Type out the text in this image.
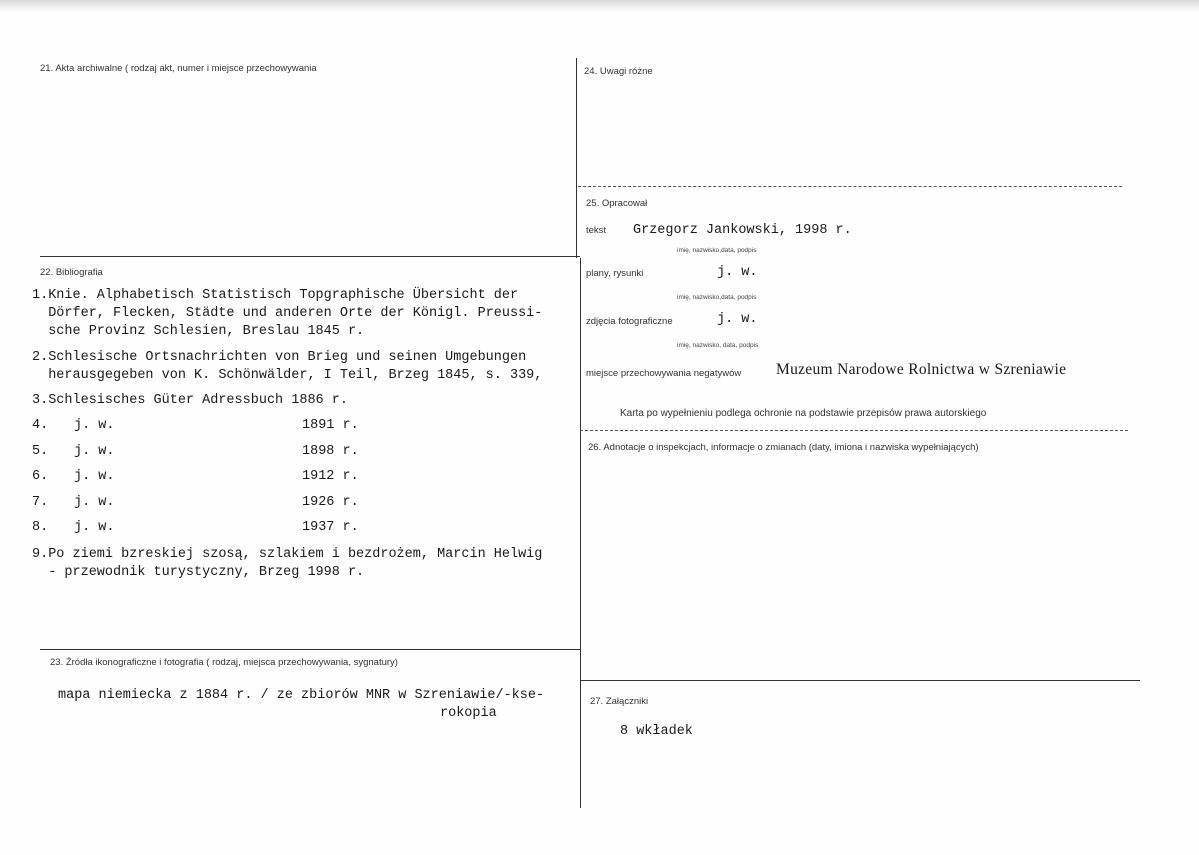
21. Akta archiwalne ( rodzaj akt, numer i miejsce przechowywania
22. Bibliografia
1.Knie. Alphabetisch Statistisch Topgraphische Übersicht der
Dörfer, Flecken, Städte und anderen Orte der Königl. Preussi-
sche Provinz Schlesien, Breslau 1845 r.
2.Schlesische Ortsnachrichten von Brieg und seinen Umgebungen
herausgegeben von K. Schönwälder, I Teil, Brzeg 1845, s. 339,
3.Schlesisches Güter Adressbuch 1886 r.
4. j. w.	1891 r.
5. j. w.	1898 r.
6. j. w.	1912 r.
7. j. w.	1926 r.
8. j. w.	1937 r.
9.Po ziemi bzreskiej szosą, szlakiem i bezdrożem, Marcin Helwig
- przewodnik turystyczny, Brzeg 1998 r.
23. Źródła ikonograficzne i fotografia ( rodzaj, miejsca przechowywania, sygnatury)
mapa niemiecka z 1884 r. / ze zbiorów MNR w Szreniawie/-kse-
rokopia
24. Uwagi różne
25. Opracował
tekst Grzegorz Jankowski, 1998 r.
imię, nazwisko,data, podpis
plany, rysunki	j. w.
imię, nazwisko,data, podpis
zdjęcia fotograficzne	j. w.
imię, nazwisko, data, podpis
miejsce przechowywania negatywów Muzeum Narodowe Rolnictwa w Szreniawie
Karta po wypełnieniu podlega ochronie na podstawie przepisów prawa autorskiego
26. Adnotacje o inspekcjach, informacje o zmianach (daty, imiona i nazwiska wypełniających)
27. Załączniki
8 wkładek
